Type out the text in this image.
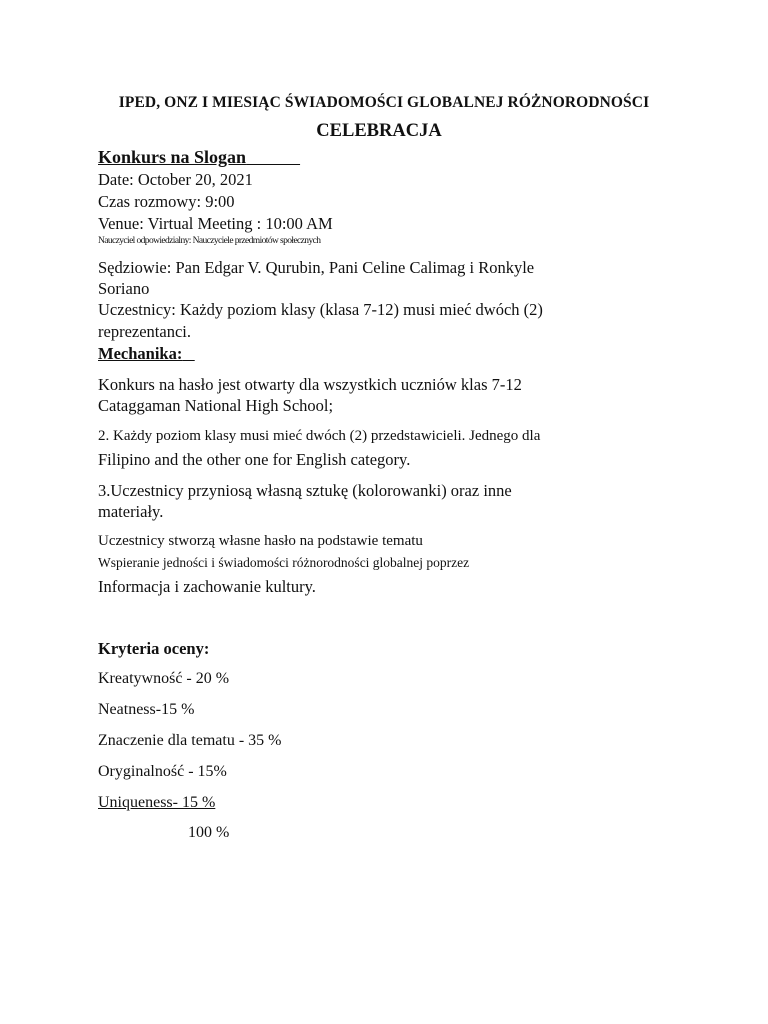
IPED, ONZ I MIESIĄC ŚWIADOMOŚCI GLOBALNEJ RÓŻNORODNOŚCI
CELEBRACJA
Konkurs na Slogan
Date: October 20, 2021
Czas rozmowy: 9:00
Venue: Virtual Meeting : 10:00 AM
Nauczyciel odpowiedzialny: Nauczyciele przedmiotów społecznych
Sędziowie: Pan Edgar V. Qurubin, Pani Celine Calimag i Ronkyle
Soriano
Uczestnicy: Każdy poziom klasy (klasa 7-12) musi mieć dwóch (2)
reprezentanci.
Mechanika:
Konkurs na hasło jest otwarty dla wszystkich uczniów klas 7-12
Cataggaman National High School;
2. Każdy poziom klasy musi mieć dwóch (2) przedstawicieli. Jednego dla
Filipino and the other one for English category.
3.Uczestnicy przyniosą własną sztukę (kolorowanki) oraz inne
materiały.
Uczestnicy stworzą własne hasło na podstawie tematu
Wspieranie jedności i świadomości różnorodności globalnej poprzez
Informacja i zachowanie kultury.
Kryteria oceny:
Kreatywność - 20 %
Neatness-15 %
Znaczenie dla tematu - 35 %
Oryginalność - 15%
Uniqueness- 15 %
100 %
